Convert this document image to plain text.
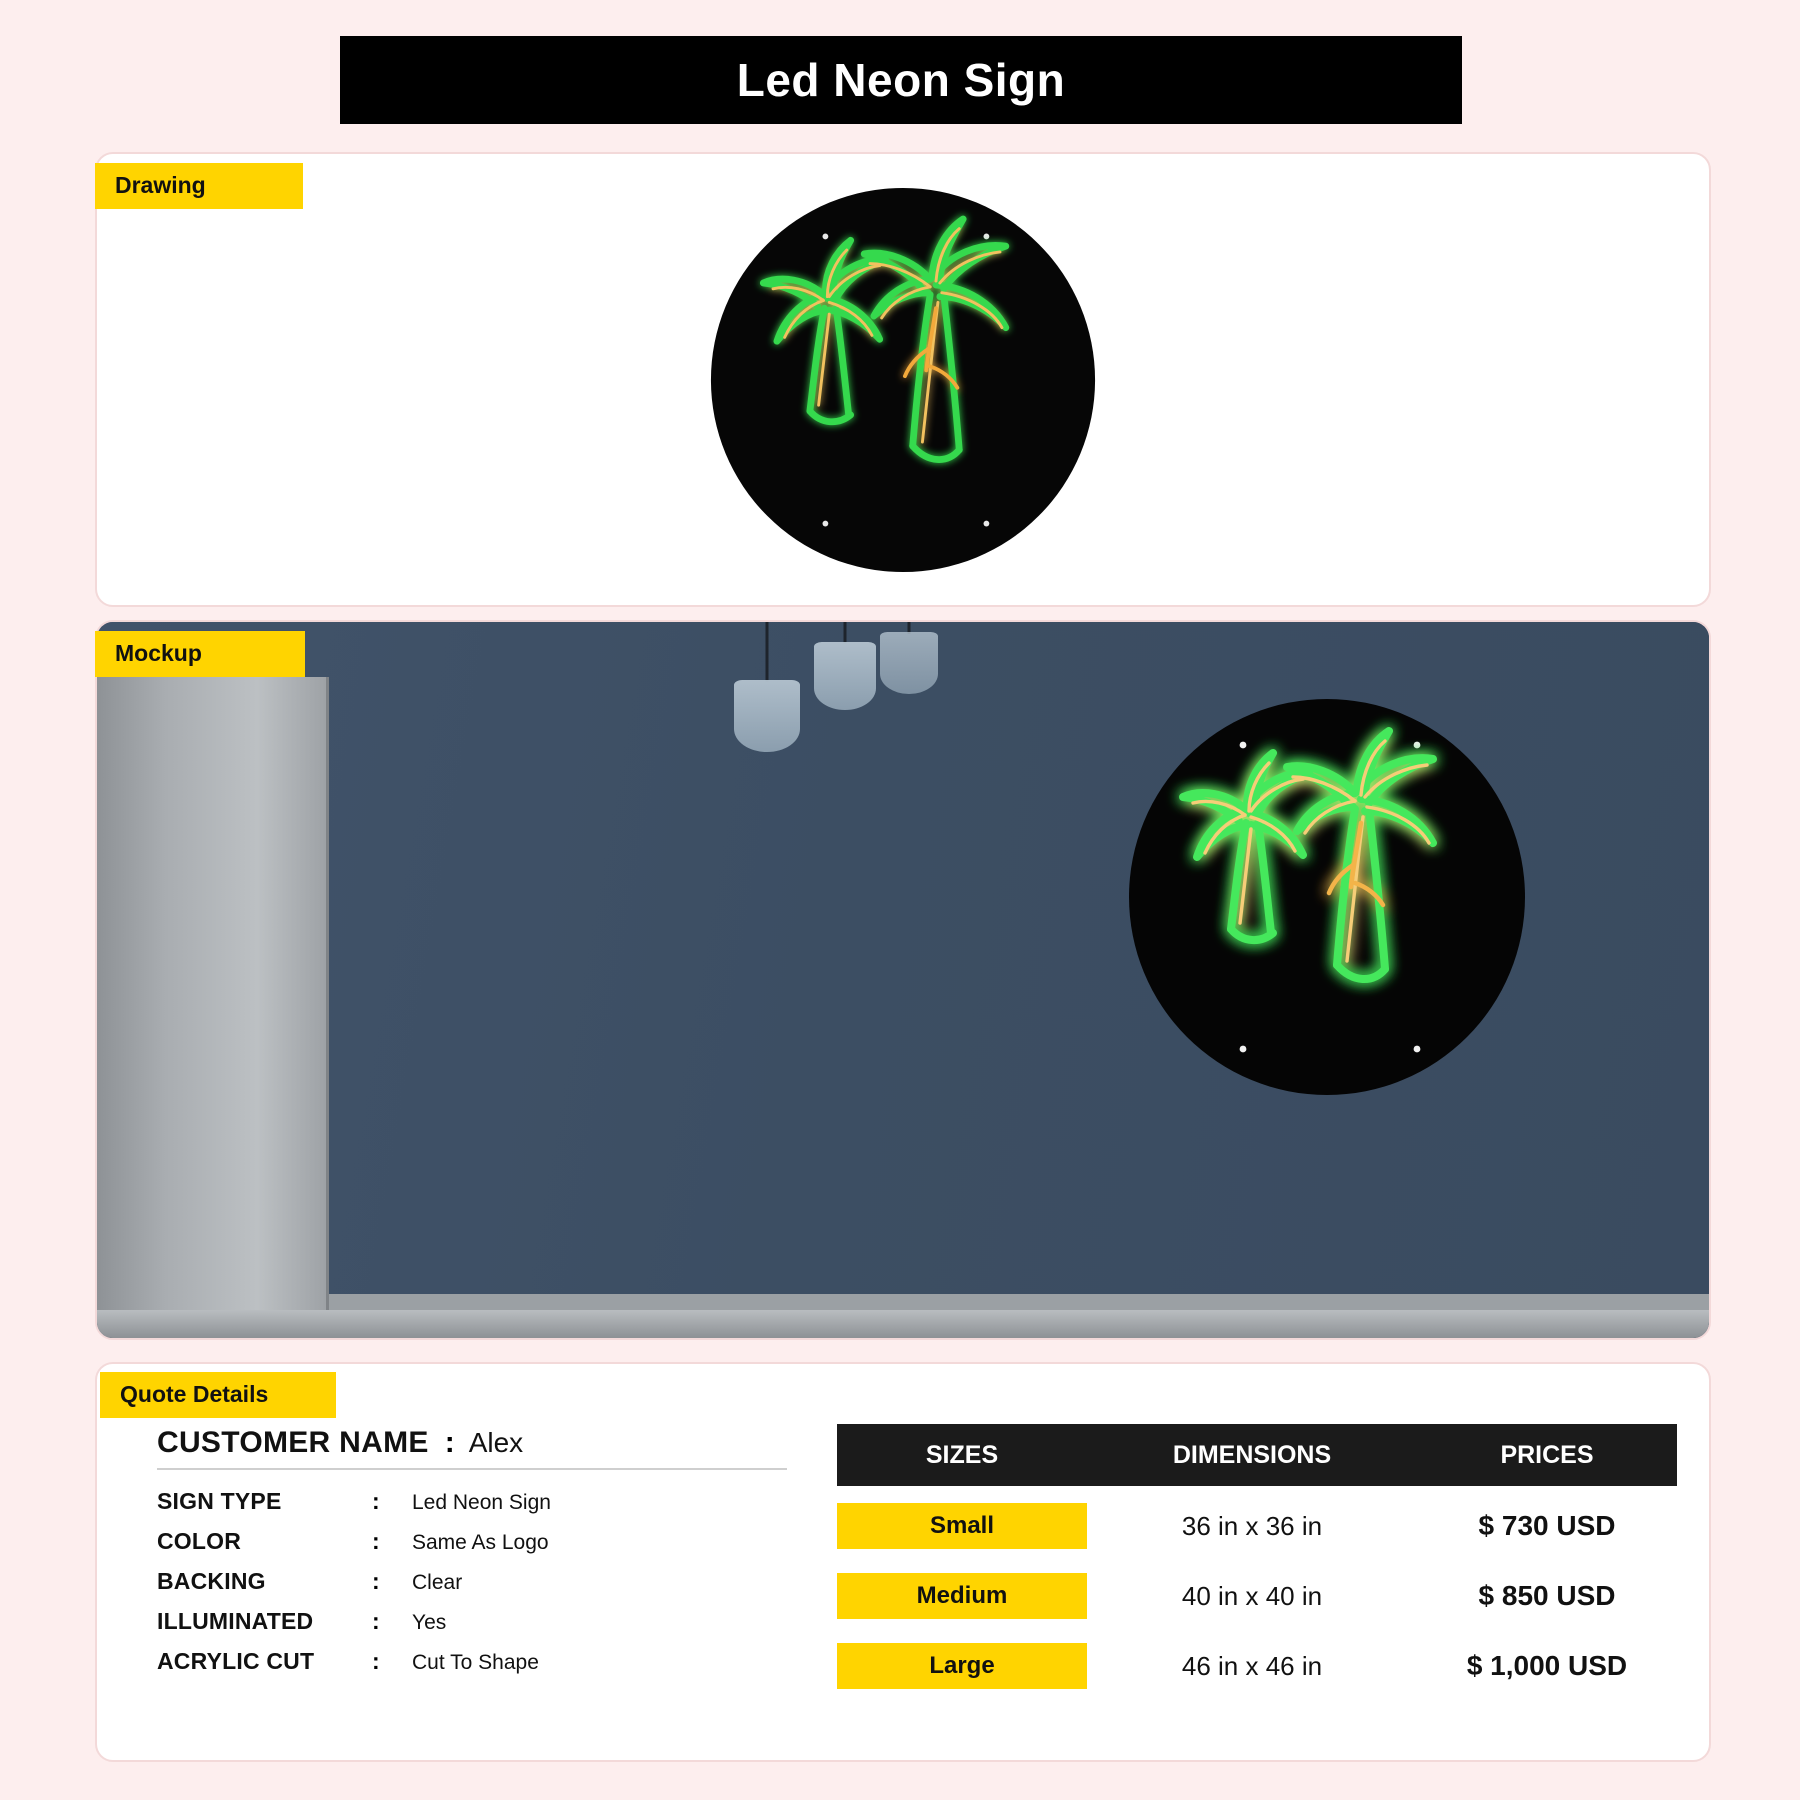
Led Neon Sign
Drawing
Mockup
CUSTOMER NAME : Alex
SIGN TYPE	:	Led Neon Sign
COLOR	:	Same As Logo
BACKING	:	Clear
ILLUMINATED	:	Yes
ACRYLIC CUT	:	Cut To Shape
SIZES	DIMENSIONS	PRICES
Small	36 in x 36 in	$ 730 USD
Medium	40 in x 40 in	$ 850 USD
Large	46 in x 46 in	$ 1,000 USD
Quote Details
